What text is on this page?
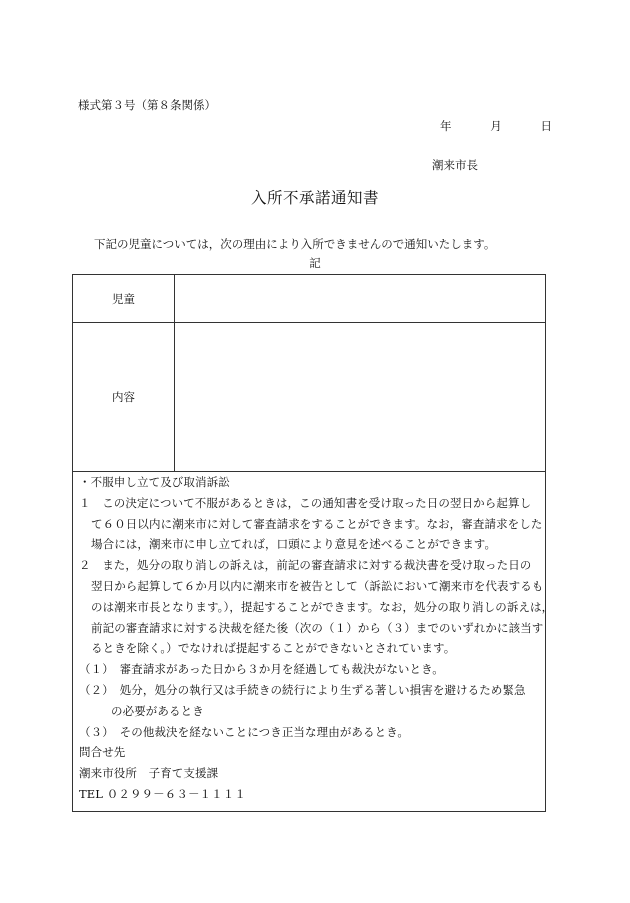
様式第３号（第８条関係）
年	月	日
潮来市長
入所不承諾通知書
下記の児童については，次の理由により入所できませんので通知いたします。
記
児童	
内容	
・不服申し立て及び取消訴訟
１　この決定について不服があるときは，この通知書を受け取った日の翌日から起算し
て６０日以内に潮来市に対して審査請求をすることができます。なお，審査請求をした
場合には，潮来市に申し立てれば，口頭により意見を述べることができます。
２　また，処分の取り消しの訴えは，前記の審査請求に対する裁決書を受け取った日の
翌日から起算して６か月以内に潮来市を被告として（訴訟において潮来市を代表するも
のは潮来市長となります。），提起することができます。なお，処分の取り消しの訴えは，
前記の審査請求に対する決裁を経た後（次の（１）から（３）までのいずれかに該当す
るときを除く。）でなければ提起することができないとされています。
（１）　審査請求があった日から３か月を経過しても裁決がないとき。
（２）　処分，処分の執行又は手続きの続行により生ずる著しい損害を避けるため緊急
の必要があるとき
（３）　その他裁決を経ないことにつき正当な理由があるとき。
問合せ先
潮来市役所　子育て支援課
TEL ０２９９－６３－１１１１
